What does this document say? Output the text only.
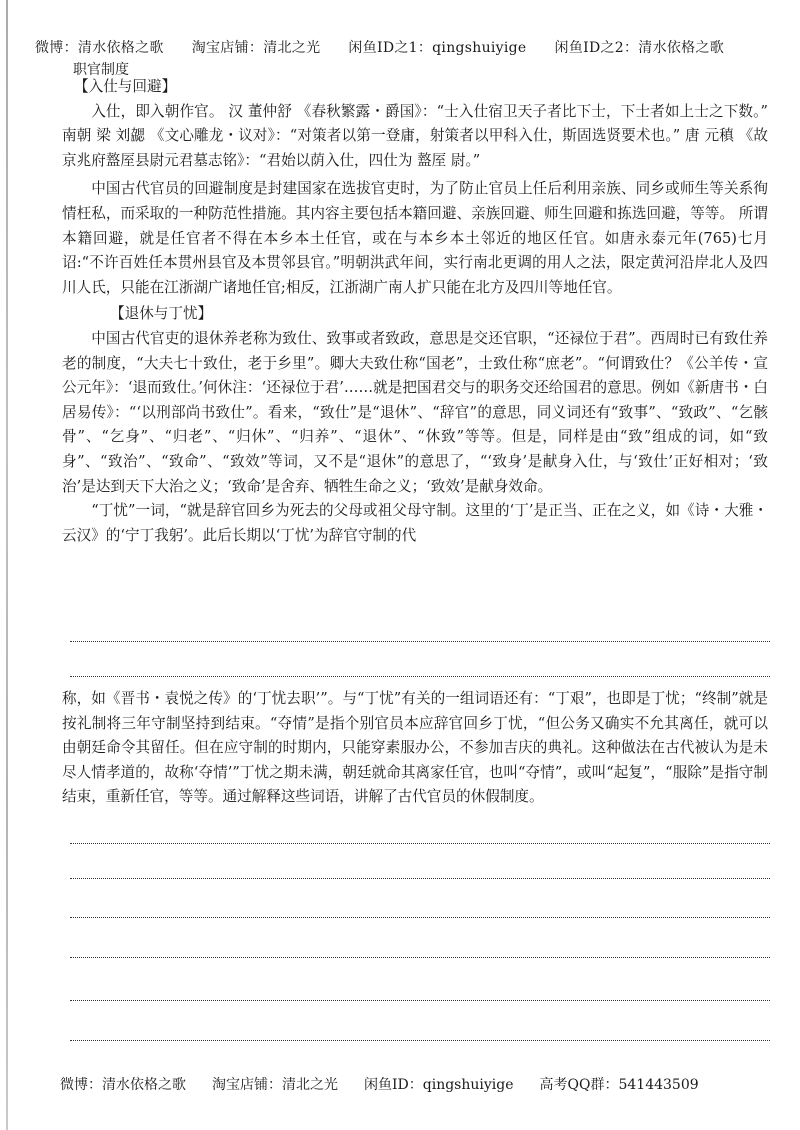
微博：清水依格之歌 淘宝店铺：清北之光 闲鱼ID之1：qingshuiyige 闲鱼ID之2：清水依格之歌
职官制度

【入仕与回避】

入仕，即入朝作官。 汉 董仲舒 《春秋繁露・爵国》：“士入仕宿卫天子者比下士，下士者如上士之下数。” 南朝 梁 刘勰 《文心雕龙・议对》：“对策者以第一登庸，射策者以甲科入仕，斯固选贤要术也。” 唐 元稹 《故京兆府盩厔县尉元君墓志铭》：“君始以荫入仕，四仕为 盩厔 尉。”

中国古代官员的回避制度是封建国家在选拔官吏时，为了防止官员上任后利用亲族、同乡或师生等关系徇情枉私，而采取的一种防范性措施。其内容主要包括本籍回避、亲族回避、师生回避和拣选回避，等等。 所谓本籍回避，就是任官者不得在本乡本土任官，或在与本乡本土邻近的地区任官。如唐永泰元年(765)七月诏:“不许百姓任本贯州县官及本贯邻县官。”明朝洪武年间，实行南北更调的用人之法，限定黄河沿岸北人及四川人氏，只能在江浙湖广诸地任官;相反，江浙湖广南人扩只能在北方及四川等地任官。

【退休与丁忧】

中国古代官吏的退休养老称为致仕、致事或者致政，意思是交还官职，“还禄位于君”。西周时已有致仕养老的制度，“大夫七十致仕，老于乡里”。卿大夫致仕称“国老”，士致仕称“庶老”。“何谓致仕？《公羊传・宣公元年》：‘退而致仕。’何休注：‘还禄位于君’……就是把国君交与的职务交还给国君的意思。例如《新唐书・白居易传》：“‘以刑部尚书致仕”。看来，“致仕”是“退休”、“辞官”的意思，同义词还有“致事”、“致政”、“乞骸骨”、“乞身”、“归老”、“归休”、“归养”、“退休”、“休致”等等。但是，同样是由“致”组成的词，如“致身”、“致治”、“致命”、“致效”等词，又不是“退休”的意思了，“‘致身’是献身入仕，与‘致仕’正好相对；‘致治’是达到天下大治之义；‘致命’是舍弃、牺牲生命之义；‘致效’是献身效命。

“丁忧”一词，“就是辞官回乡为死去的父母或祖父母守制。这里的‘丁’是正当、正在之义，如《诗・大雅・云汉》的‘宁丁我躬’。此后长期以‘丁忧’为辞官守制的代

称，如《晋书・袁悦之传》的‘丁忧去职’”。与“丁忧”有关的一组词语还有：“丁艰”，也即是丁忧；“终制”就是按礼制将三年守制坚持到结束。“夺情”是指个别官员本应辞官回乡丁忧，“但公务又确实不允其离任，就可以由朝廷命令其留任。但在应守制的时期内，只能穿素服办公，不参加吉庆的典礼。这种做法在古代被认为是未尽人情孝道的，故称‘夺情’”丁忧之期未满，朝廷就命其离家任官，也叫“夺情”，或叫“起复”，“服除”是指守制结束，重新任官，等等。通过解释这些词语，讲解了古代官员的休假制度。

微博：清水依格之歌 淘宝店铺：清北之光 闲鱼ID：qingshuiyige 高考QQ群：541443509
